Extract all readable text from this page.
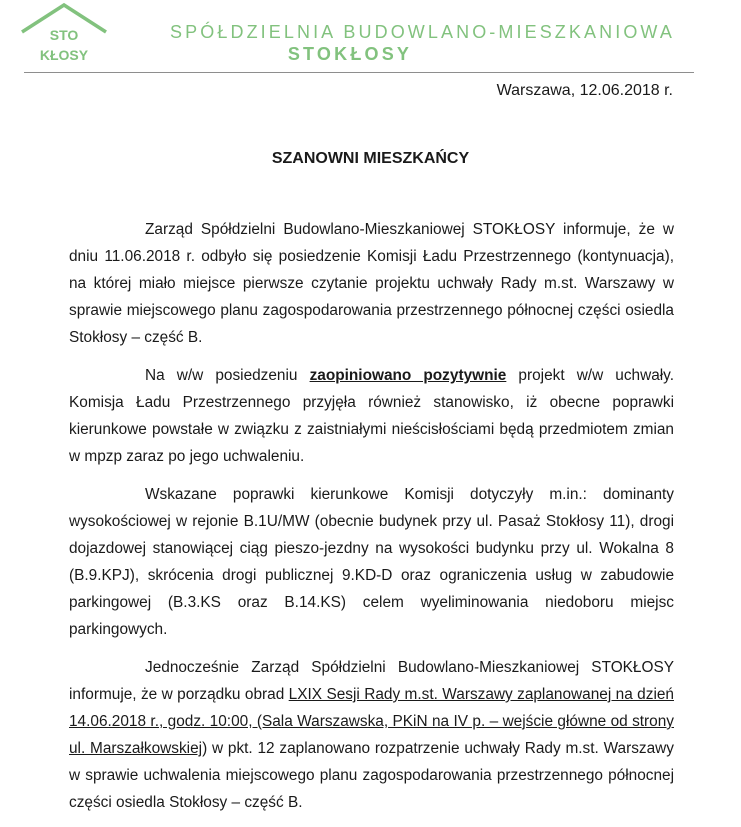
STO
KŁOSY
SPÓŁDZIELNIA BUDOWLANO-MIESZKANIOWA
STOKŁOSY
Warszawa, 12.06.2018 r.
SZANOWNI MIESZKAŃCY

Zarząd Spółdzielni Budowlano-Mieszkaniowej STOKŁOSY informuje, że w dniu 11.06.2018 r. odbyło się posiedzenie Komisji Ładu Przestrzennego (kontynuacja), na której miało miejsce pierwsze czytanie projektu uchwały Rady m.st. Warszawy w sprawie miejscowego planu zagospodarowania przestrzennego północnej części osiedla Stokłosy – część B.

Na w/w posiedzeniu zaopiniowano pozytywnie projekt w/w uchwały. Komisja Ładu Przestrzennego przyjęła również stanowisko, iż obecne poprawki kierunkowe powstałe w związku z zaistniałymi nieścisłościami będą przedmiotem zmian w mpzp zaraz po jego uchwaleniu.

Wskazane poprawki kierunkowe Komisji dotyczyły m.in.: dominanty wysokościowej w rejonie B.1U/MW (obecnie budynek przy ul. Pasaż Stokłosy 11), drogi dojazdowej stanowiącej ciąg pieszo-jezdny na wysokości budynku przy ul. Wokalna 8 (B.9.KPJ), skrócenia drogi publicznej 9.KD-D oraz ograniczenia usług w zabudowie parkingowej (B.3.KS oraz B.14.KS) celem wyeliminowania niedoboru miejsc parkingowych.

Jednocześnie Zarząd Spółdzielni Budowlano-Mieszkaniowej STOKŁOSY informuje, że w porządku obrad LXIX Sesji Rady m.st. Warszawy zaplanowanej na dzień 14.06.2018 r., godz. 10:00, (Sala Warszawska, PKiN na IV p. – wejście główne od strony ul. Marszałkowskiej) w pkt. 12 zaplanowano rozpatrzenie uchwały Rady m.st. Warszawy w sprawie uchwalenia miejscowego planu zagospodarowania przestrzennego północnej części osiedla Stokłosy – część B.
